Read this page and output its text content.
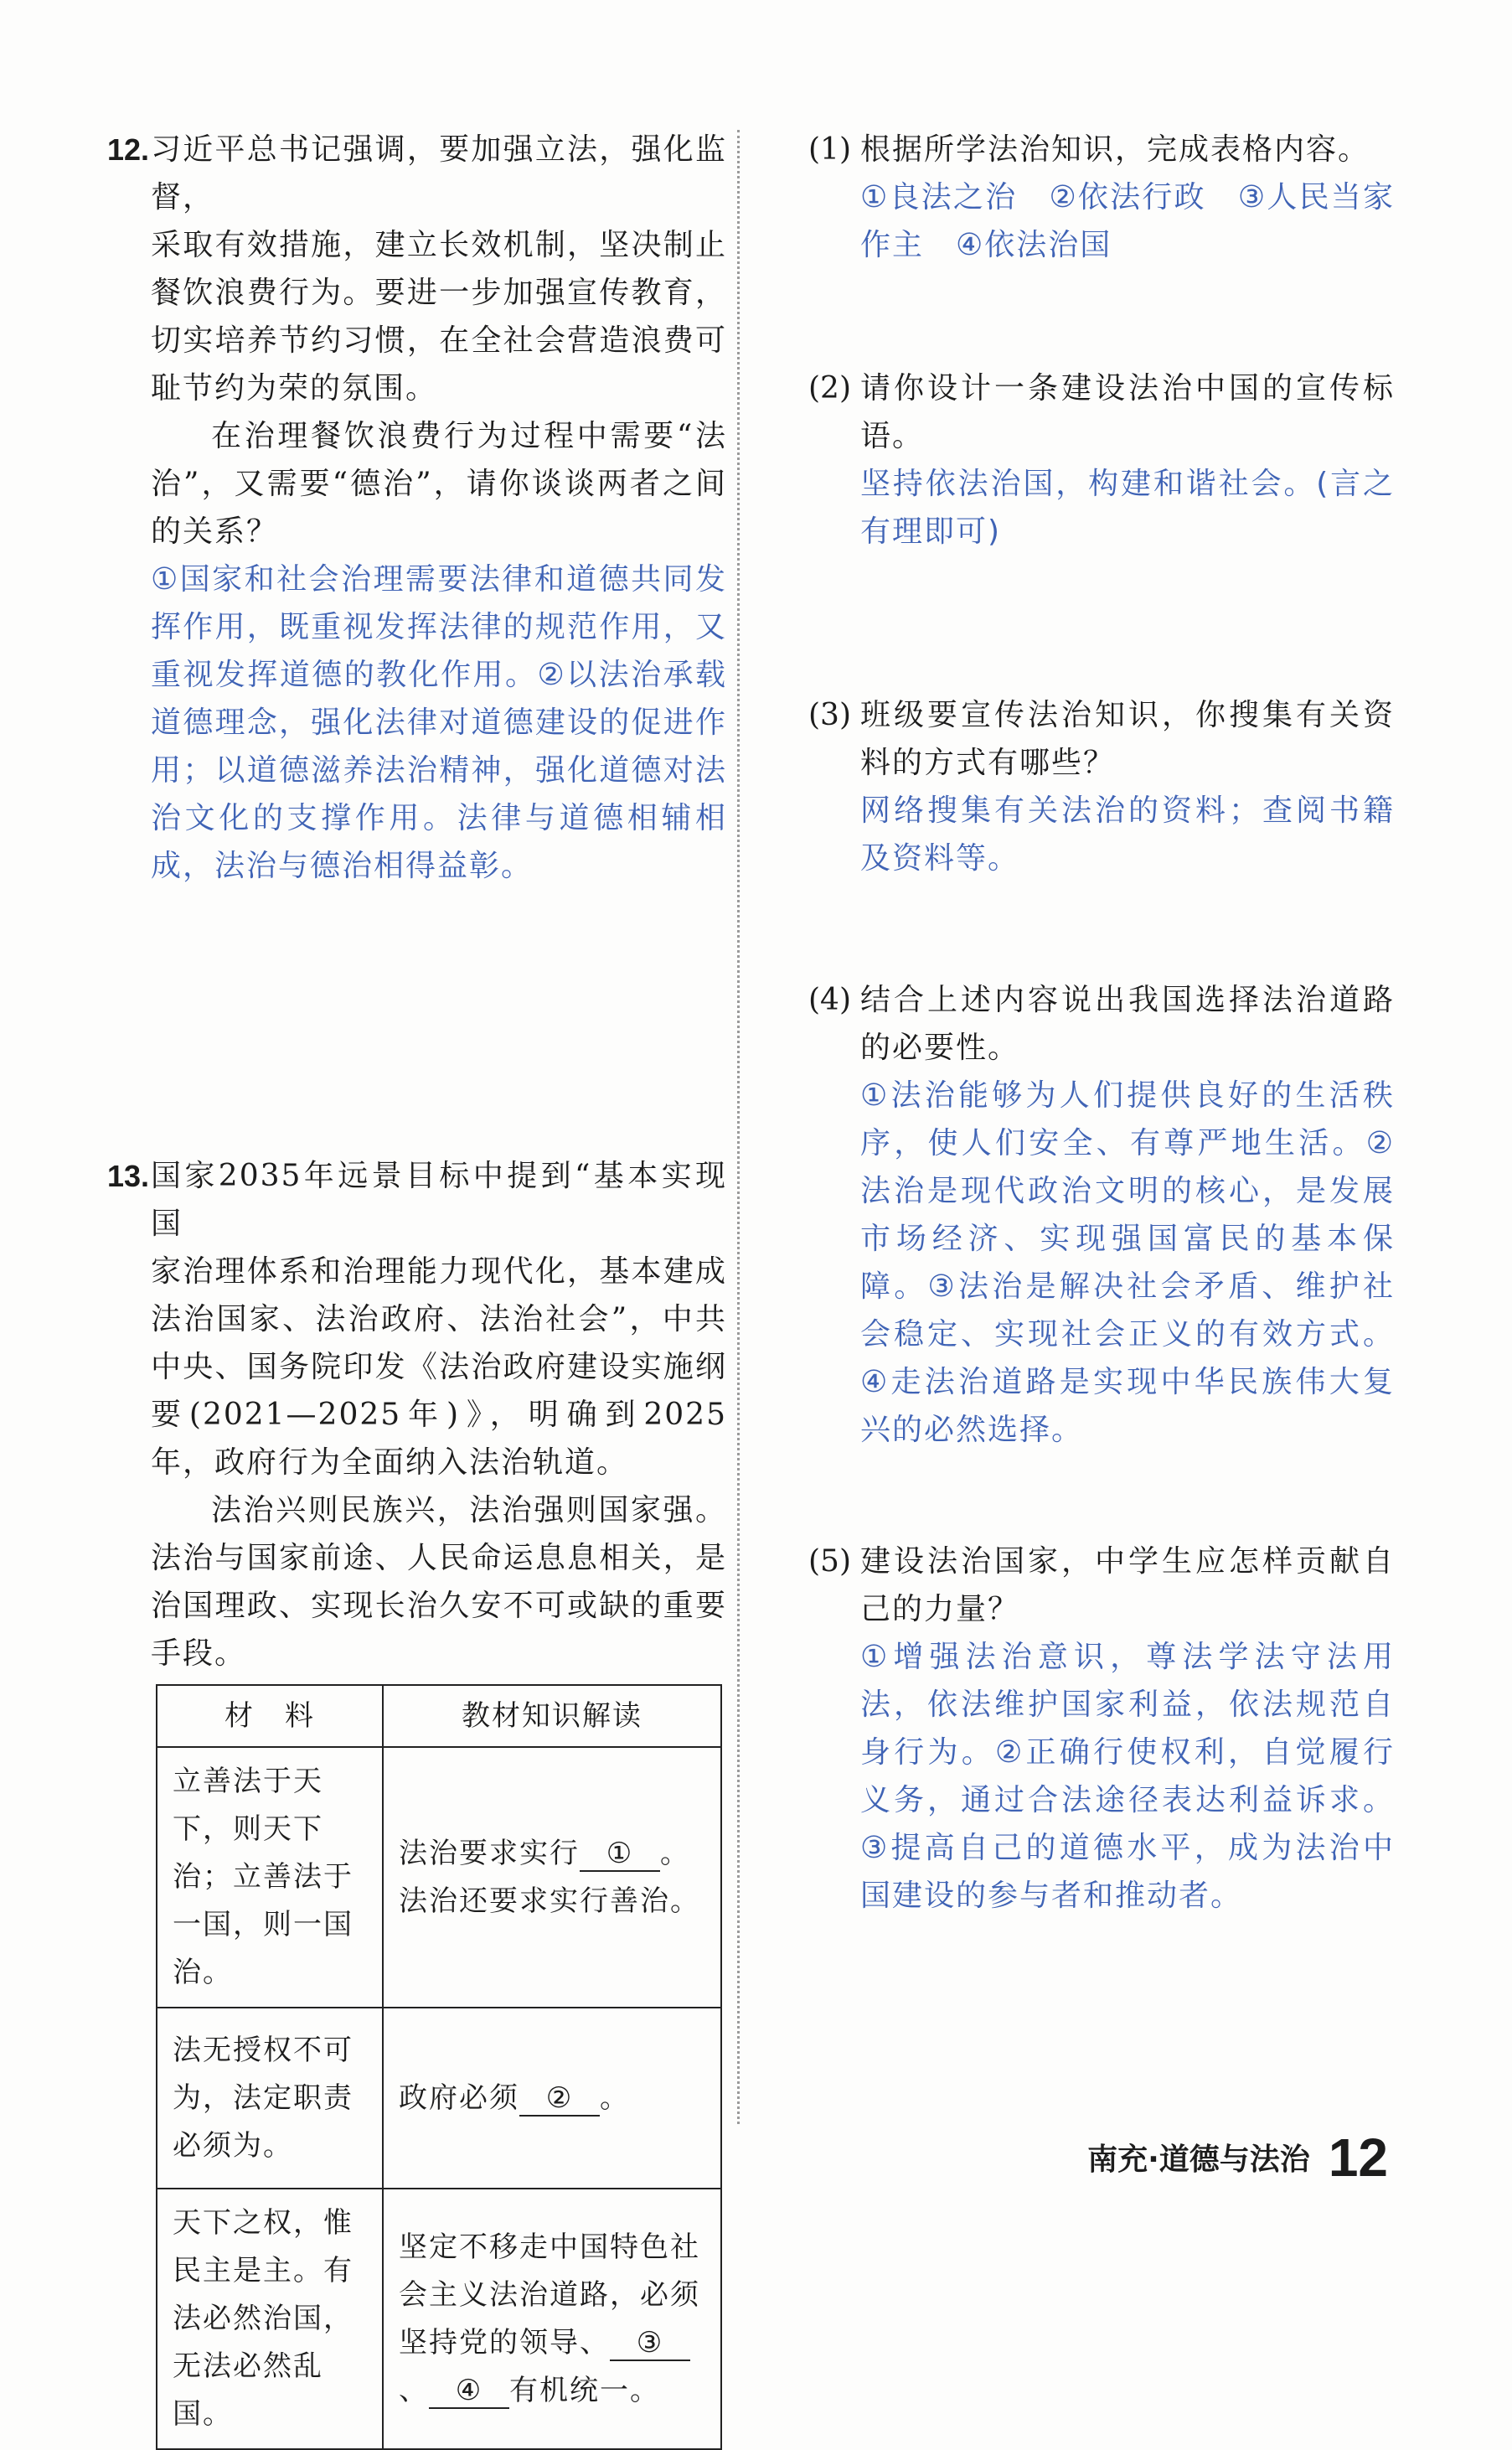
12. 习近平总书记强调，要加强立法，强化监督，

采取有效措施，建立长效机制，坚决制止餐饮浪费行为。要进一步加强宣传教育，切实培养节约习惯，在全社会营造浪费可耻节约为荣的氛围。

在治理餐饮浪费行为过程中需要“法治”，又需要“德治”，请你谈谈两者之间的关系？

①国家和社会治理需要法律和道德共同发挥作用，既重视发挥法律的规范作用，又重视发挥道德的教化作用。②以法治承载道德理念，强化法律对道德建设的促进作用；以道德滋养法治精神，强化道德对法治文化的支撑作用。法律与道德相辅相成，法治与德治相得益彰。

13. 国家2035年远景目标中提到“基本实现国

家治理体系和治理能力现代化，基本建成法治国家、法治政府、法治社会”，中共中央、国务院印发《法治政府建设实施纲要(2021—2025年)》，明确到2025年，政府行为全面纳入法治轨道。

法治兴则民族兴，法治强则国家强。法治与国家前途、人民命运息息相关，是治国理政、实现长治久安不可或缺的重要手段。

材　料	教材知识解读
立善法于天下，则天下治；立善法于一国，则一国治。	法治要求实行 ① 。法治还要求实行善治。
法无授权不可为，法定职责必须为。	政府必须 ② 。
天下之权，惟民主是主。有法必然治国，无法必然乱国。	坚定不移走中国特色社会主义法治道路，必须坚持党的领导、 ③、 ④ 有机统一。
(1) 根据所学法治知识，完成表格内容。

①良法之治　②依法行政　③人民当家作主　④依法治国

(2) 请你设计一条建设法治中国的宣传标语。

坚持依法治国，构建和谐社会。(言之有理即可)

(3) 班级要宣传法治知识，你搜集有关资料的方式有哪些？

网络搜集有关法治的资料；查阅书籍及资料等。

(4) 结合上述内容说出我国选择法治道路的必要性。

①法治能够为人们提供良好的生活秩序，使人们安全、有尊严地生活。②法治是现代政治文明的核心，是发展市场经济、实现强国富民的基本保障。③法治是解决社会矛盾、维护社会稳定、实现社会正义的有效方式。④走法治道路是实现中华民族伟大复兴的必然选择。

(5) 建设法治国家，中学生应怎样贡献自己的力量？

①增强法治意识，尊法学法守法用法，依法维护国家利益，依法规范自身行为。②正确行使权利，自觉履行义务，通过合法途径表达利益诉求。③提高自己的道德水平，成为法治中国建设的参与者和推动者。

南充·道德与法治 12
